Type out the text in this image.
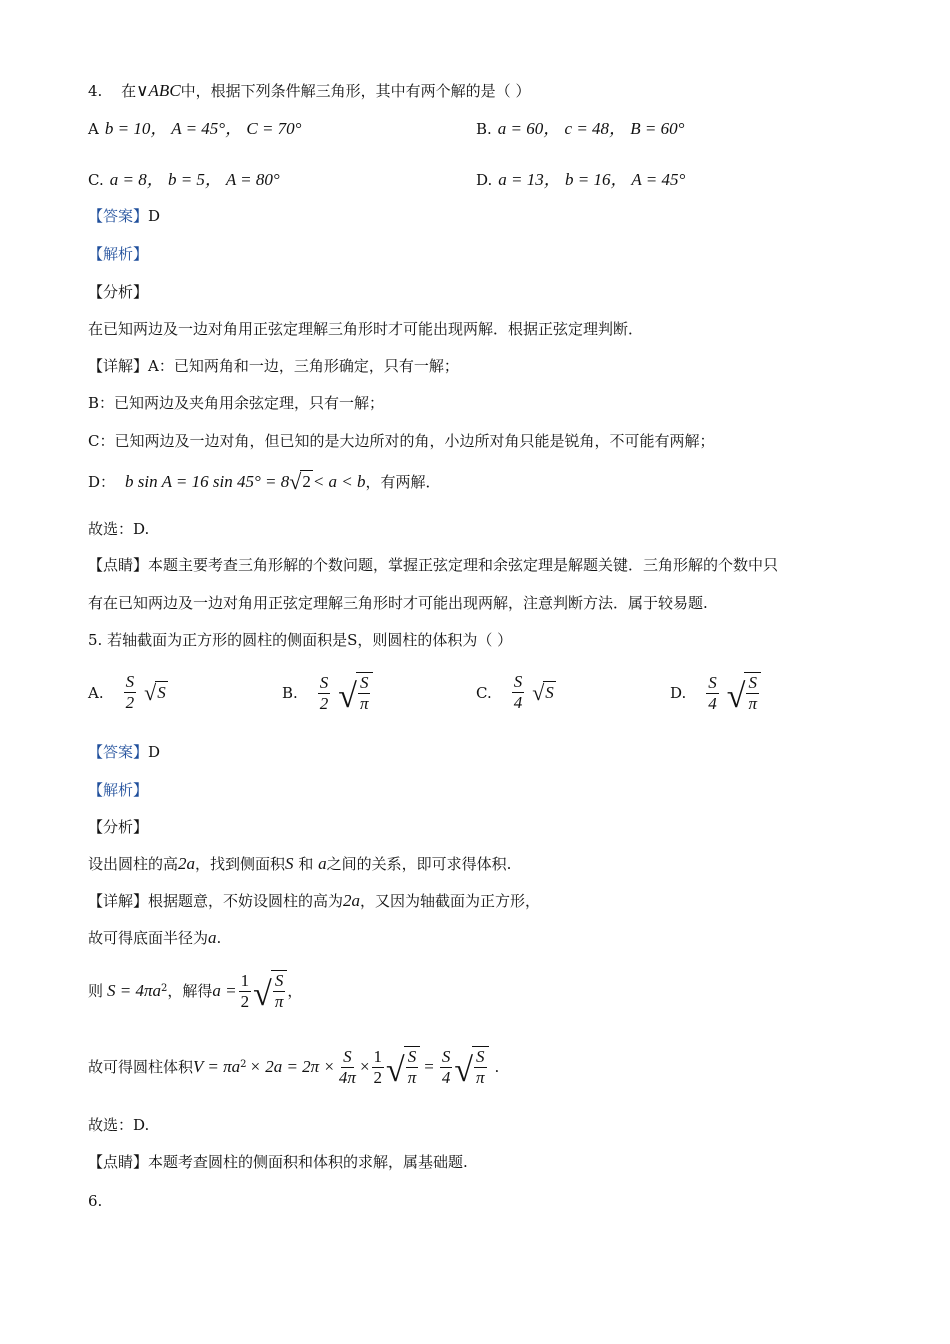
4. 在∨ABC中，根据下列条件解三角形，其中有两个解的是（ ）
A b = 10， A = 45°， C = 70°	B. a = 60， c = 48， B = 60°
C. a = 8， b = 5， A = 80°	D. a = 13， b = 16， A = 45°
【答案】D
【解析】
【分析】
在已知两边及一边对角用正弦定理解三角形时才可能出现两解．根据正弦定理判断．
【详解】A：已知两角和一边，三角形确定，只有一解；
B：已知两边及夹角用余弦定理，只有一解；
C：已知两边及一边对角，但已知的是大边所对的角，小边所对角只能是锐角，不可能有两解；
D： b sin A = 16 sin 45° = 8 √ 2 < a < b ，有两解．
故选：D.
【点睛】本题主要考查三角形解的个数问题，掌握正弦定理和余弦定理是解题关键．三角形解的个数中只
有在已知两边及一边对角用正弦定理解三角形时才可能出现两解，注意判断方法．属于较易题.
5. 若轴截面为正方形的圆柱的侧面积是S，则圆柱的体积为（ ）
A. $\frac{S}{2}$ √ S	B. $\frac{S}{2}$ √ $\frac{S}{\pi}$	C. $\frac{S}{4}$ √ S	D. $\frac{S}{4}$ √ $\frac{S}{\pi}$
【答案】D
【解析】
【分析】
设出圆柱的高2a，找到侧面积S 和 a之间的关系，即可求得体积.
【详解】根据题意，不妨设圆柱的高为2a，又因为轴截面为正方形，
故可得底面半径为a.
则 S = 4πa 2 ，解得 $a = \frac{1}{2}$ √ $\frac{S}{\pi}$ ，
故可得圆柱体积 V = πa $2 \times 2a = 2\pi \times \frac{S}{4\pi} \times \frac{1}{2}$ √ $\frac{S}{\pi} = \frac{S}{4}$ √ $\frac{S}{\pi}$ .
故选：D.
【点睛】本题考查圆柱的侧面积和体积的求解，属基础题.
6.
